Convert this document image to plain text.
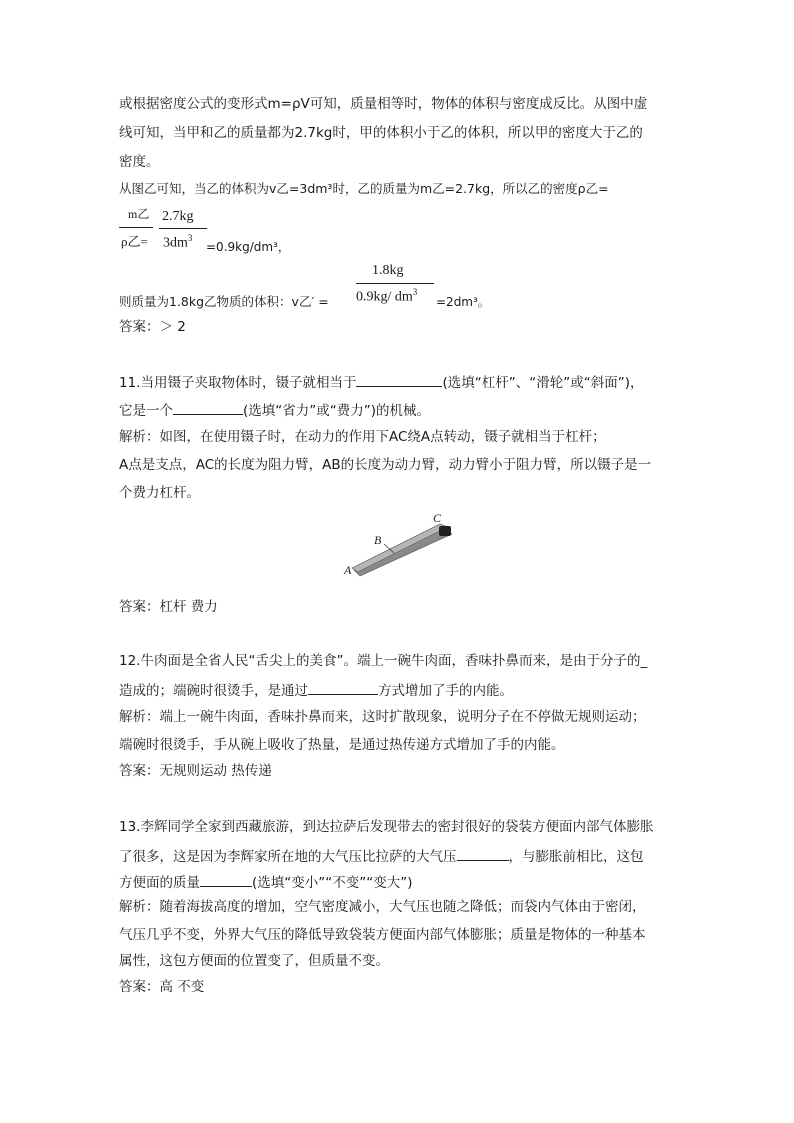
或根据密度公式的变形式m=ρV可知，质量相等时，物体的体积与密度成反比。从图中虚
线可知，当甲和乙的质量都为2.7kg时，甲的体积小于乙的体积，所以甲的密度大于乙的
密度。
从图乙可知，当乙的体积为v乙=3dm³时，乙的质量为m乙=2.7kg，所以乙的密度ρ乙=
m乙
ρ乙=
2.7kg
$3dm^3$
=0.9kg/dm³，
1.8kg
则质量为1.8kg乙物质的体积：v乙′ = 0.9kg/ $dm^3$
=2dm³。
答案：＞ 2
11.当用镊子夹取物体时，镊子就相当于	(选填“杠杆”、“滑轮”或“斜面”)，
它是一个	(选填“省力”或“费力”)的机械。
解析：如图，在使用镊子时，在动力的作用下AC绕A点转动，镊子就相当于杠杆；
A点是支点，AC的长度为阻力臂，AB的长度为动力臂，动力臂小于阻力臂，所以镊子是一
个费力杠杆。
A
B
C
答案：杠杆 费力
12.牛肉面是全省人民“舌尖上的美食”。端上一碗牛肉面，香味扑鼻而来，是由于分子的_
造成的；端碗时很烫手，是通过	方式增加了手的内能。
解析：端上一碗牛肉面，香味扑鼻而来，这时扩散现象，说明分子在不停做无规则运动；
端碗时很烫手，手从碗上吸收了热量，是通过热传递方式增加了手的内能。
答案：无规则运动 热传递
13.李辉同学全家到西藏旅游，到达拉萨后发现带去的密封很好的袋装方便面内部气体膨胀
了很多，这是因为李辉家所在地的大气压比拉萨的大气压	，与膨胀前相比，这包
方便面的质量	(选填“变小”“不变”“变大”)
解析：随着海拔高度的增加，空气密度减小，大气压也随之降低；而袋内气体由于密闭，
气压几乎不变，外界大气压的降低导致袋装方便面内部气体膨胀；质量是物体的一种基本
属性，这包方便面的位置变了，但质量不变。
答案：高 不变
